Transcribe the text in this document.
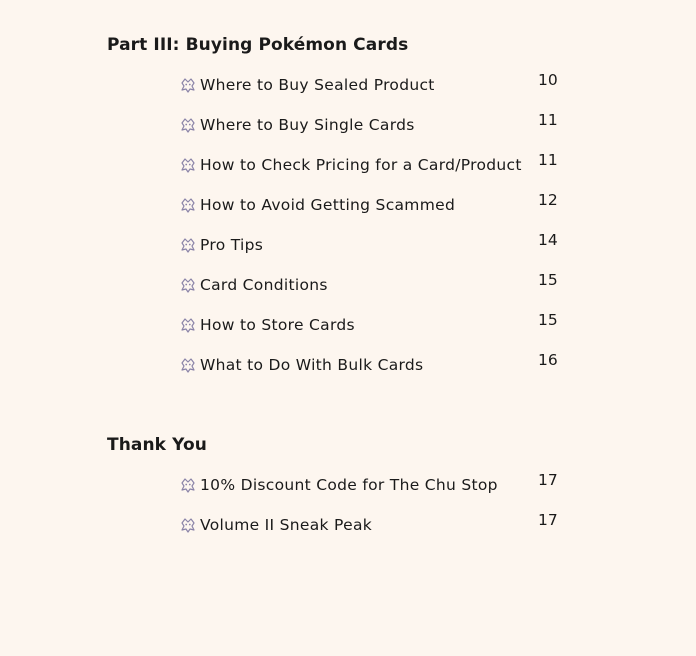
Part III: Buying Pokémon Cards
Where to Buy Sealed Product	10
Where to Buy Single Cards	11
How to Check Pricing for a Card/Product 11
How to Avoid Getting Scammed	12
Pro Tips	14
Card Conditions	15
How to Store Cards	15
What to Do With Bulk Cards	16
Thank You
10% Discount Code for The Chu Stop	17
Volume II Sneak Peak	17
